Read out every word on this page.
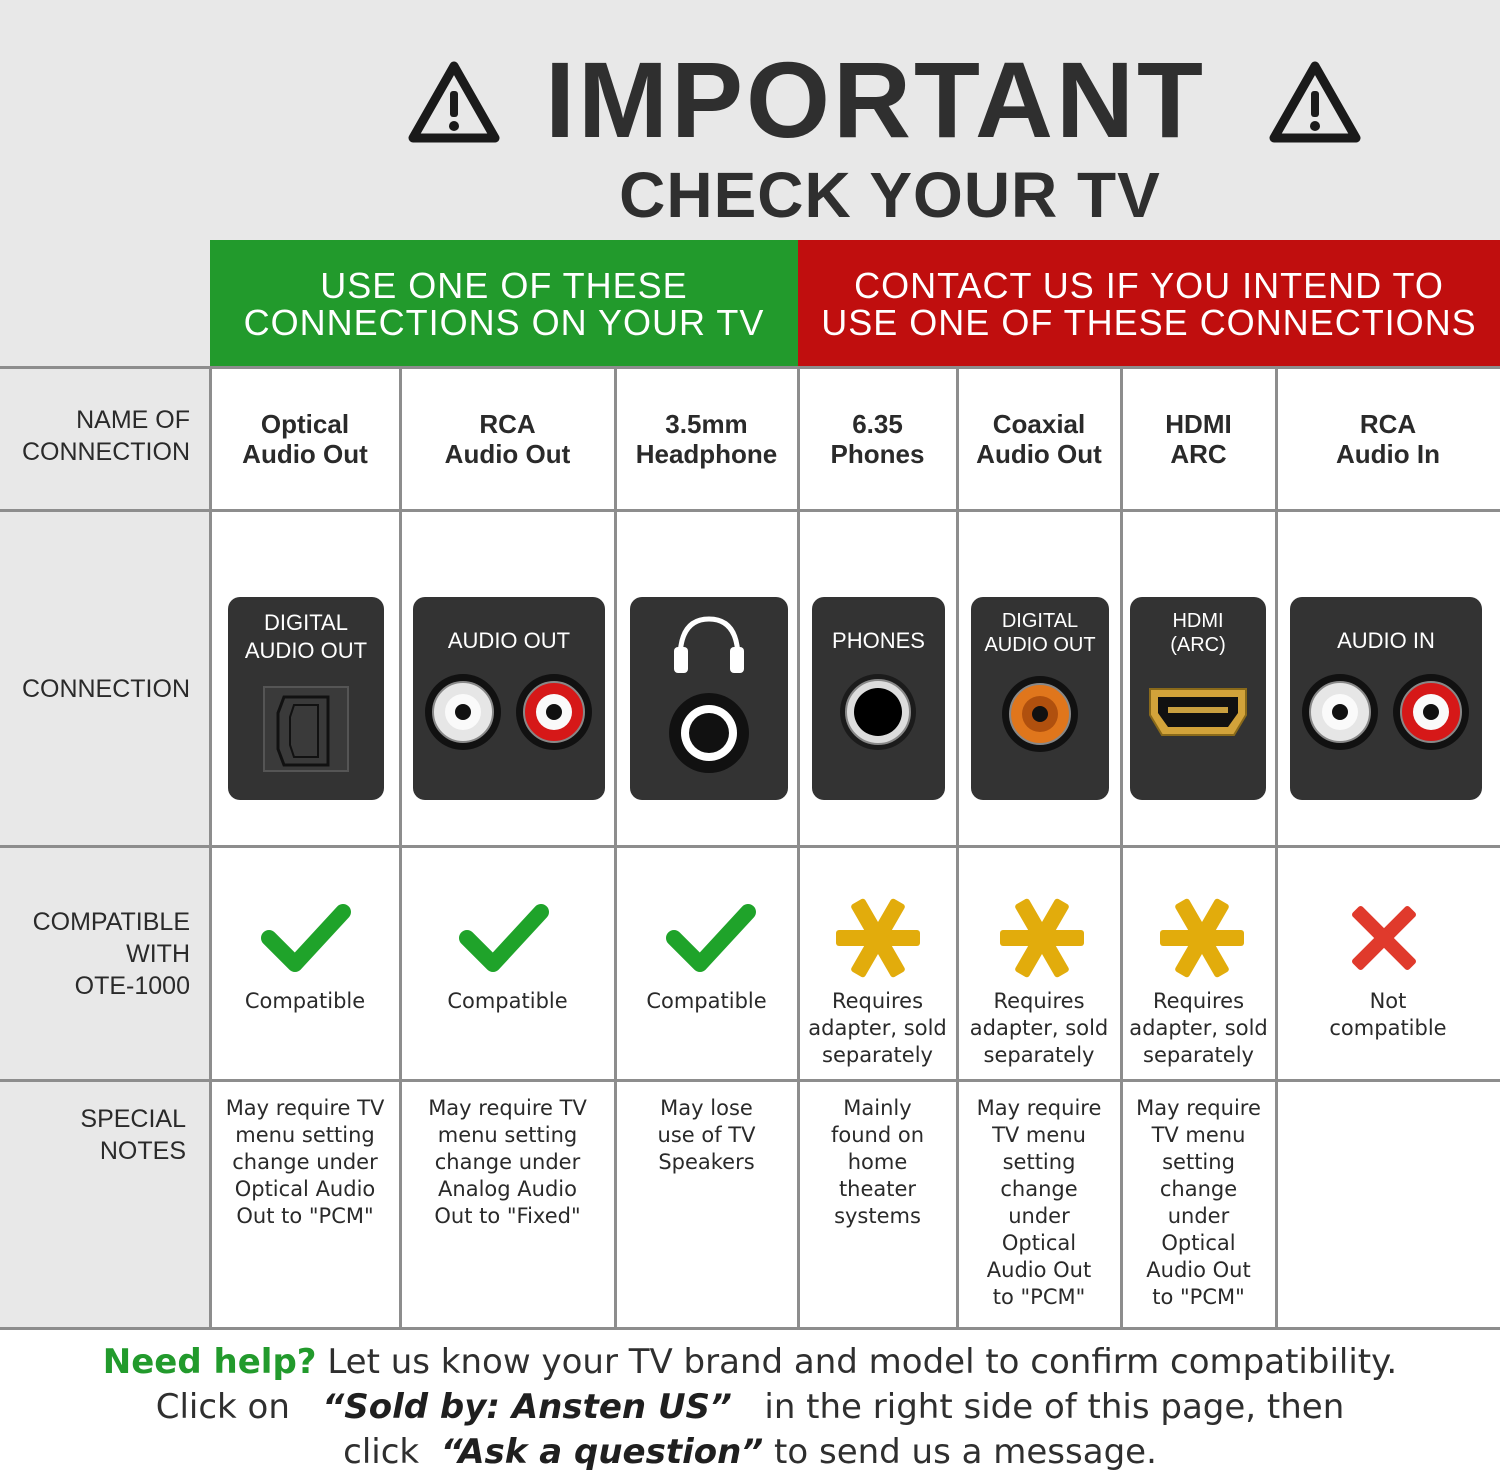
IMPORTANT
CHECK YOUR TV
USE ONE OF THESE
CONNECTIONS ON YOUR TV
CONTACT US IF YOU INTEND TO
USE ONE OF THESE CONNECTIONS
NAME OF
CONNECTION
CONNECTION
COMPATIBLE
WITH
OTE-1000
SPECIAL
NOTES
Optical
Audio Out
DIGITAL
AUDIO OUT
Compatible
May require TV
menu setting
change under
Optical Audio
Out to "PCM"
RCA
Audio Out
AUDIO OUT
Compatible
May require TV
menu setting
change under
Analog Audio
Out to "Fixed"
3.5mm
Headphone
Compatible
May lose
use of TV
Speakers
6.35
Phones
PHONES
Requires
adapter, sold
separately
Mainly
found on
home
theater
systems
Coaxial
Audio Out
DIGITAL
AUDIO OUT
Requires
adapter, sold
separately
May require
TV menu
setting
change
under
Optical
Audio Out
to "PCM"
HDMI
ARC
HDMI
(ARC)
Requires
adapter, sold
separately
May require
TV menu
setting
change
under
Optical
Audio Out
to "PCM"
RCA
Audio In
AUDIO IN
Not
compatible
Need help? Let us know your TV brand and model to confirm compatibility.
Click on   “Sold by: Ansten US”   in the right side of this page, then
click  “Ask a question” to send us a message.
